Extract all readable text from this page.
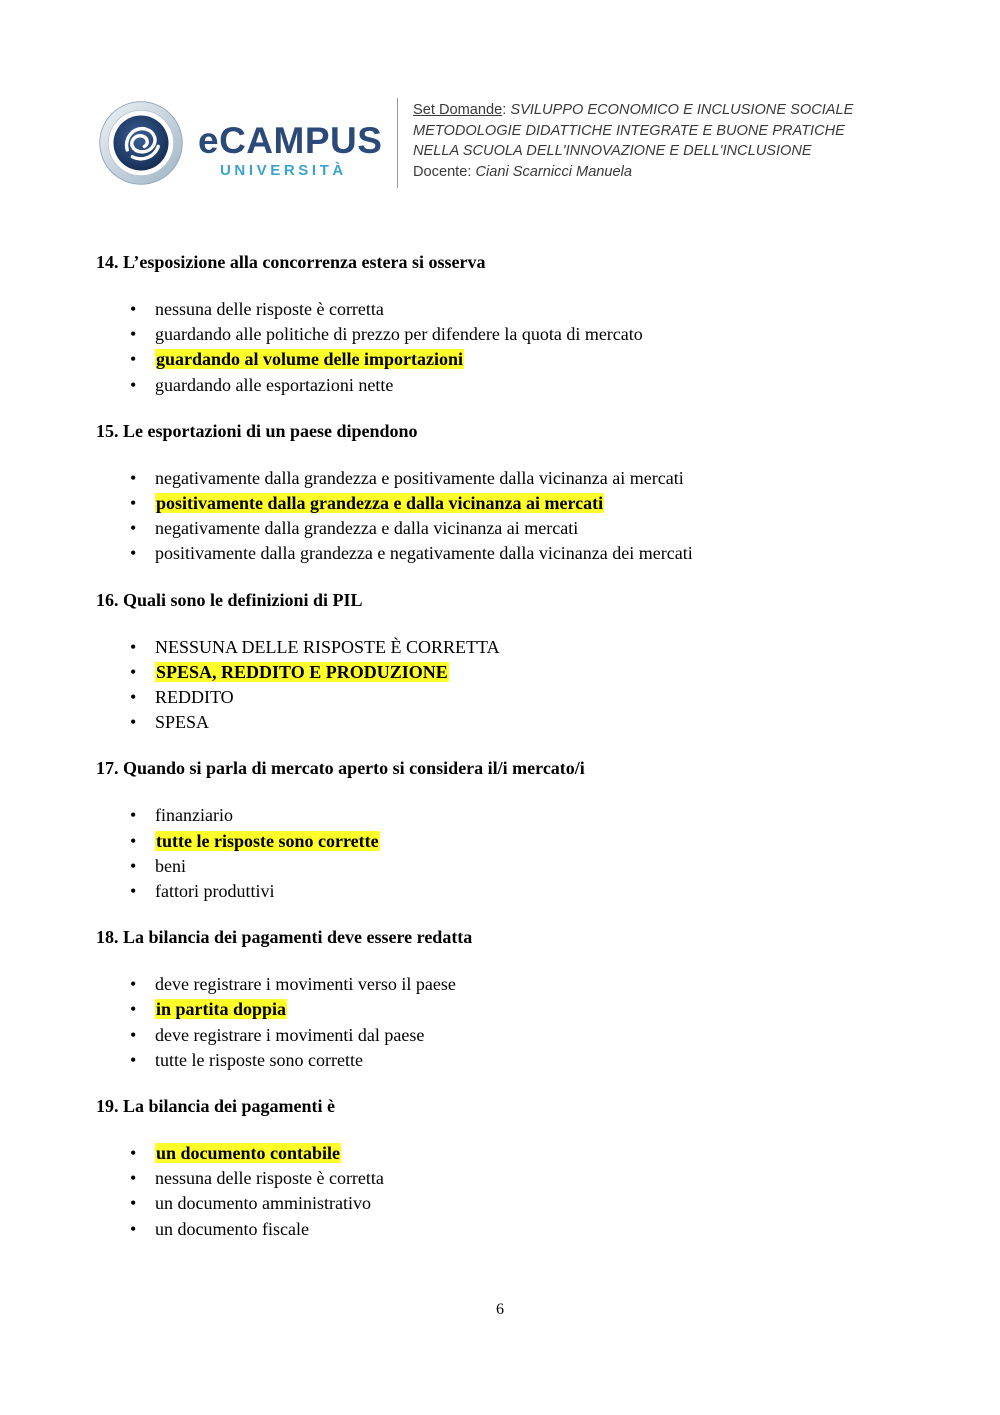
eCAMPUS
UNIVERSITÀ
Set Domande: SVILUPPO ECONOMICO E INCLUSIONE SOCIALE
METODOLOGIE DIDATTICHE INTEGRATE E BUONE PRATICHE
NELLA SCUOLA DELL'INNOVAZIONE E DELL'INCLUSIONE
Docente: Ciani Scarnicci Manuela

14. L’esposizione alla concorrenza estera si osserva

• nessuna delle risposte è corretta
• guardando alle politiche di prezzo per difendere la quota di mercato
• guardando al volume delle importazioni
• guardando alle esportazioni nette

15. Le esportazioni di un paese dipendono

• negativamente dalla grandezza e positivamente dalla vicinanza ai mercati
• positivamente dalla grandezza e dalla vicinanza ai mercati
• negativamente dalla grandezza e dalla vicinanza ai mercati
• positivamente dalla grandezza e negativamente dalla vicinanza dei mercati

16. Quali sono le definizioni di PIL

• NESSUNA DELLE RISPOSTE È CORRETTA
• SPESA, REDDITO E PRODUZIONE
• REDDITO
• SPESA

17. Quando si parla di mercato aperto si considera il/i mercato/i

• finanziario
• tutte le risposte sono corrette
• beni
• fattori produttivi

18. La bilancia dei pagamenti deve essere redatta

• deve registrare i movimenti verso il paese
• in partita doppia
• deve registrare i movimenti dal paese
• tutte le risposte sono corrette

19. La bilancia dei pagamenti è

• un documento contabile
• nessuna delle risposte è corretta
• un documento amministrativo
• un documento fiscale
6
